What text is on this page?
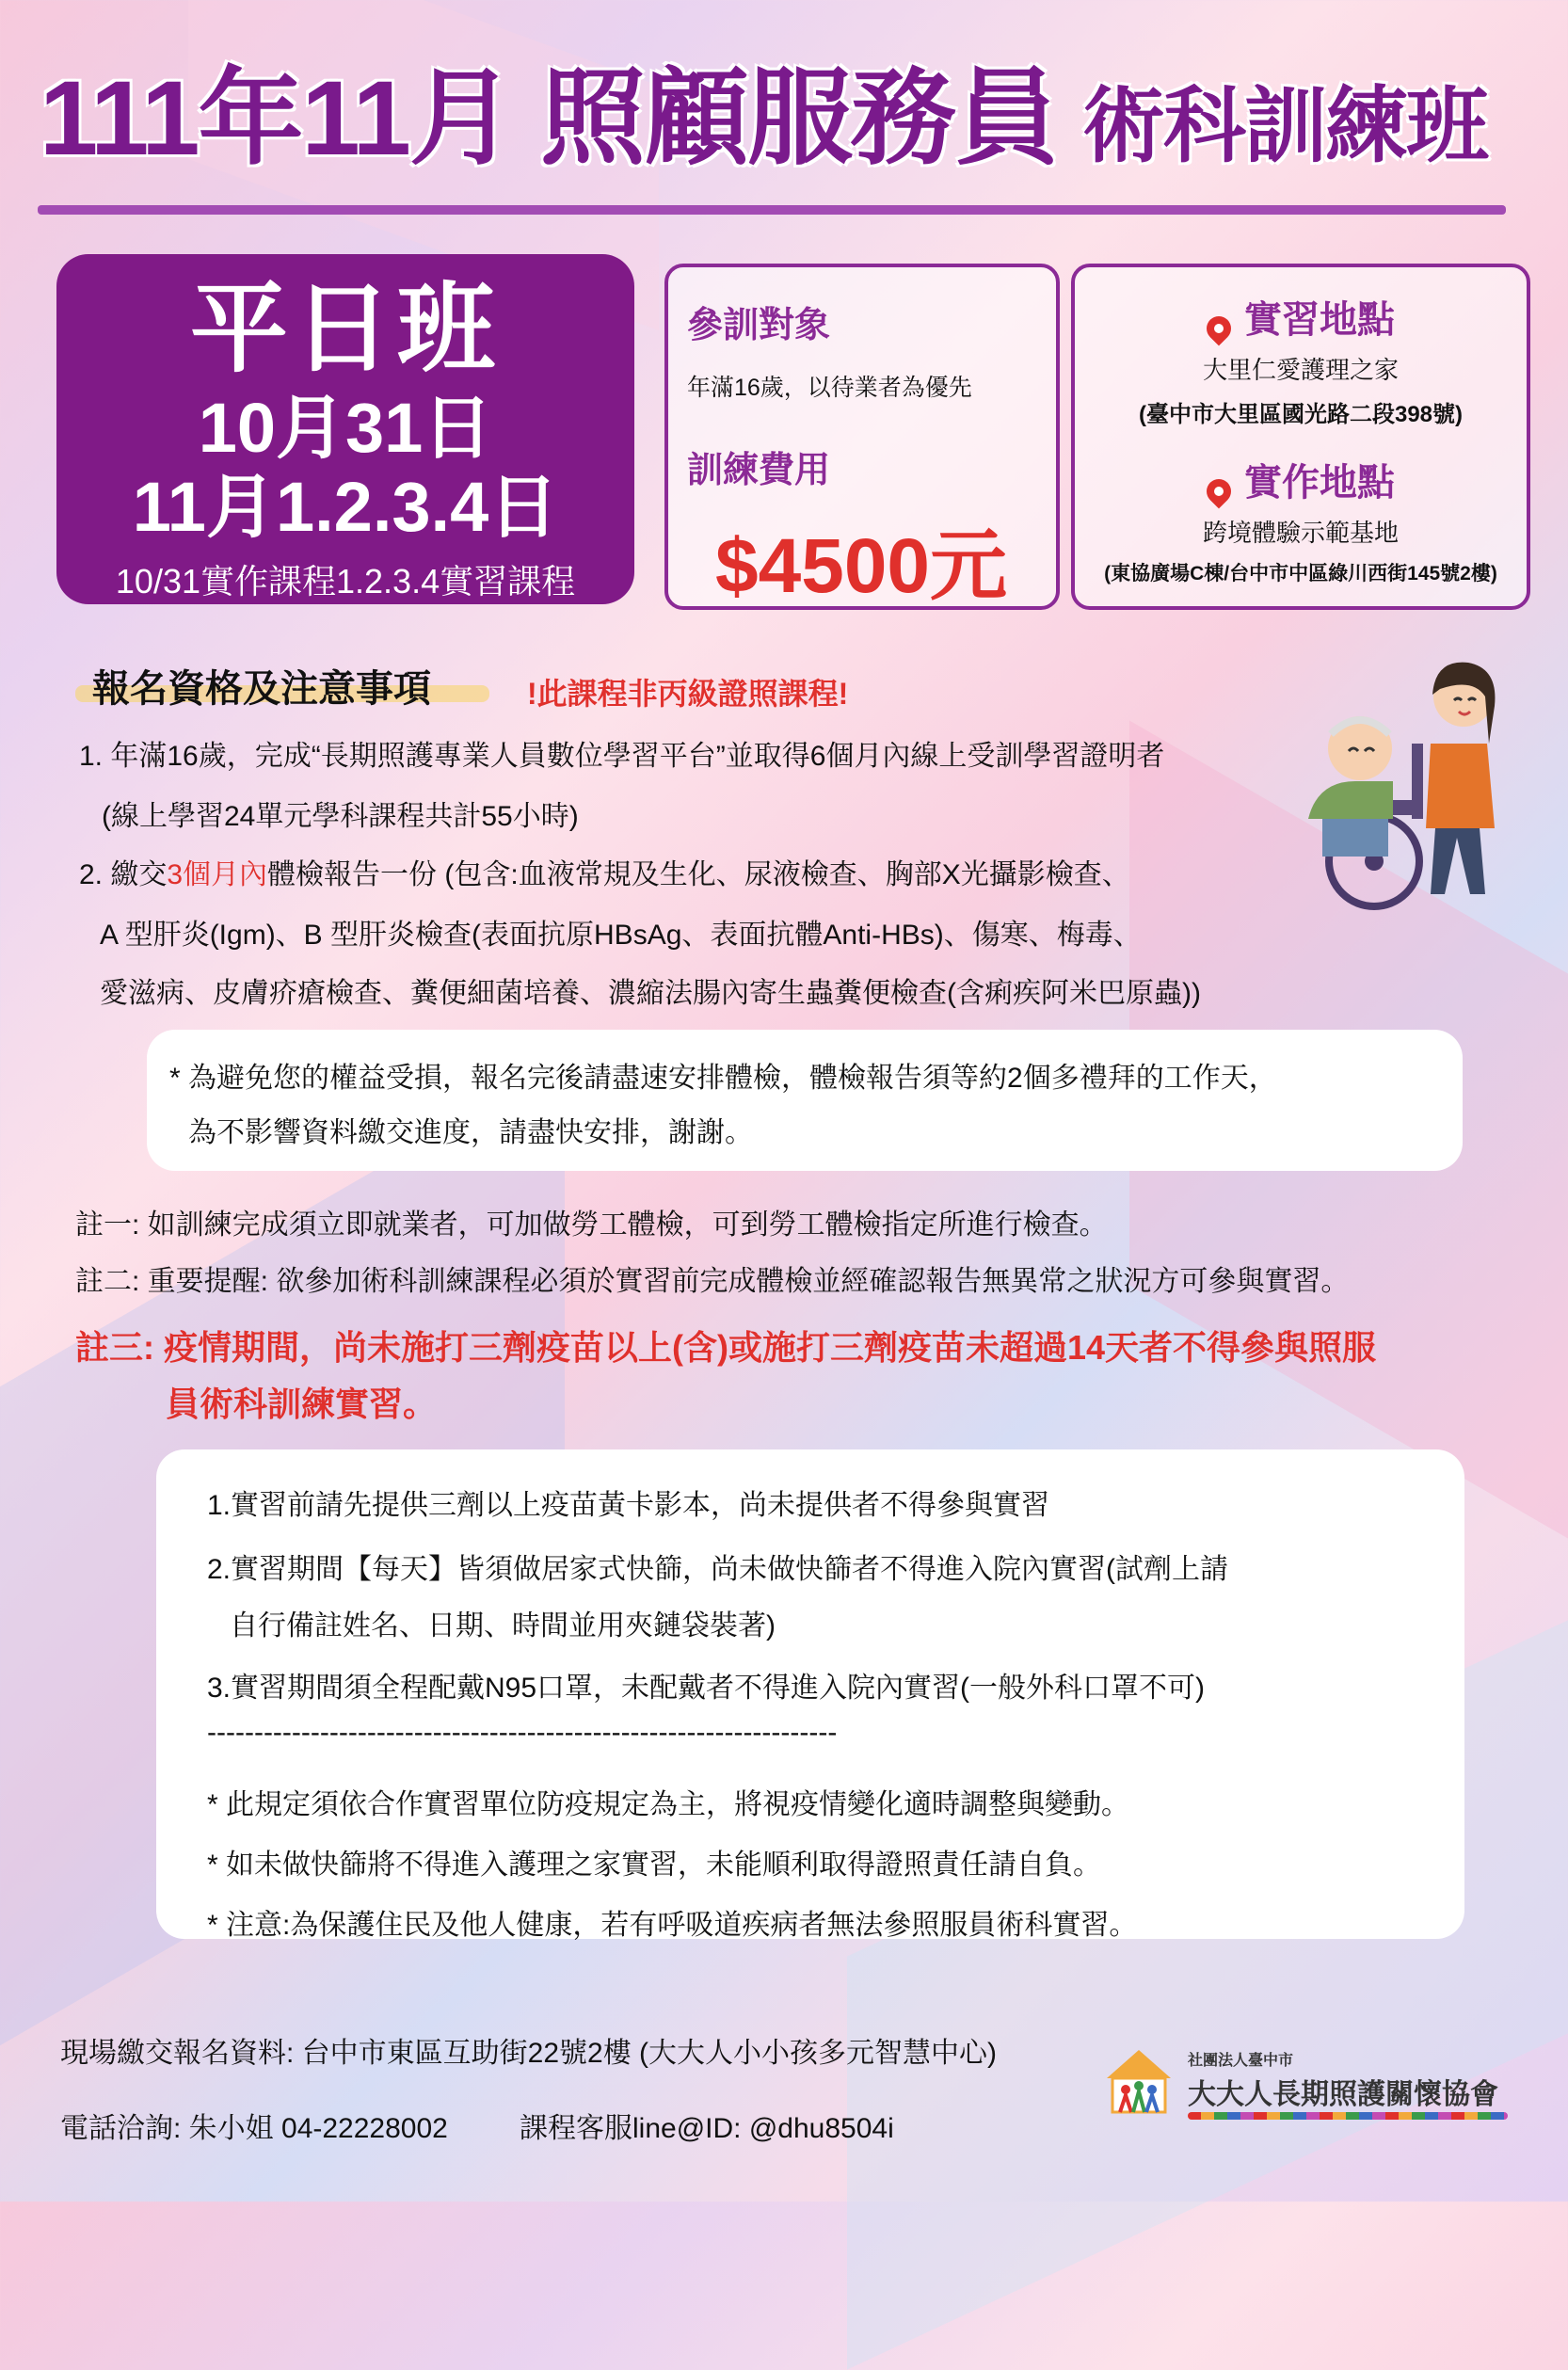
111年11月 照顧服務員 術科訓練班
平日班
10月31日
11月1.2.3.4日
10/31實作課程1.2.3.4實習課程
參訓對象
年滿16歲，以待業者為優先
訓練費用
$4500元
實習地點
大里仁愛護理之家
(臺中市大里區國光路二段398號)
實作地點
跨境體驗示範基地
(東協廣場C棟/台中市中區綠川西街145號2樓)
報名資格及注意事項	!此課程非丙級證照課程!
1. 年滿16歲，完成“長期照護專業人員數位學習平台”並取得6個月內線上受訓學習證明者
(線上學習24單元學科課程共計55小時)
2. 繳交3個月內體檢報告一份 (包含:血液常規及生化、尿液檢查、胸部X光攝影檢查、
A 型肝炎(Igm)、B 型肝炎檢查(表面抗原HBsAg、表面抗體Anti-HBs)、傷寒、梅毒、
愛滋病、皮膚疥瘡檢查、糞便細菌培養、濃縮法腸內寄生蟲糞便檢查(含痢疾阿米巴原蟲))
* 為避免您的權益受損，報名完後請盡速安排體檢，體檢報告須等約2個多禮拜的工作天，
為不影響資料繳交進度，請盡快安排，謝謝。
註一: 如訓練完成須立即就業者，可加做勞工體檢，可到勞工體檢指定所進行檢查。
註二: 重要提醒: 欲參加術科訓練課程必須於實習前完成體檢並經確認報告無異常之狀況方可參與實習。
註三: 疫情期間，尚未施打三劑疫苗以上(含)或施打三劑疫苗未超過14天者不得參與照服
員術科訓練實習。
1.實習前請先提供三劑以上疫苗黃卡影本，尚未提供者不得參與實習
2.實習期間【每天】皆須做居家式快篩，尚未做快篩者不得進入院內實習(試劑上請
自行備註姓名、日期、時間並用夾鏈袋裝著)
3.實習期間須全程配戴N95口罩，未配戴者不得進入院內實習(一般外科口罩不可)
-------------------------------------------------------------------
* 此規定須依合作實習單位防疫規定為主，將視疫情變化適時調整與變動。
* 如未做快篩將不得進入護理之家實習，未能順利取得證照責任請自負。
* 注意:為保護住民及他人健康，若有呼吸道疾病者無法參照服員術科實習。
現場繳交報名資料: 台中市東區互助街22號2樓 (大大人小小孩多元智慧中心)
電話洽詢: 朱小姐 04-22228002	課程客服line@ID: @dhu8504i
社團法人臺中市
大大人長期照護關懷協會
